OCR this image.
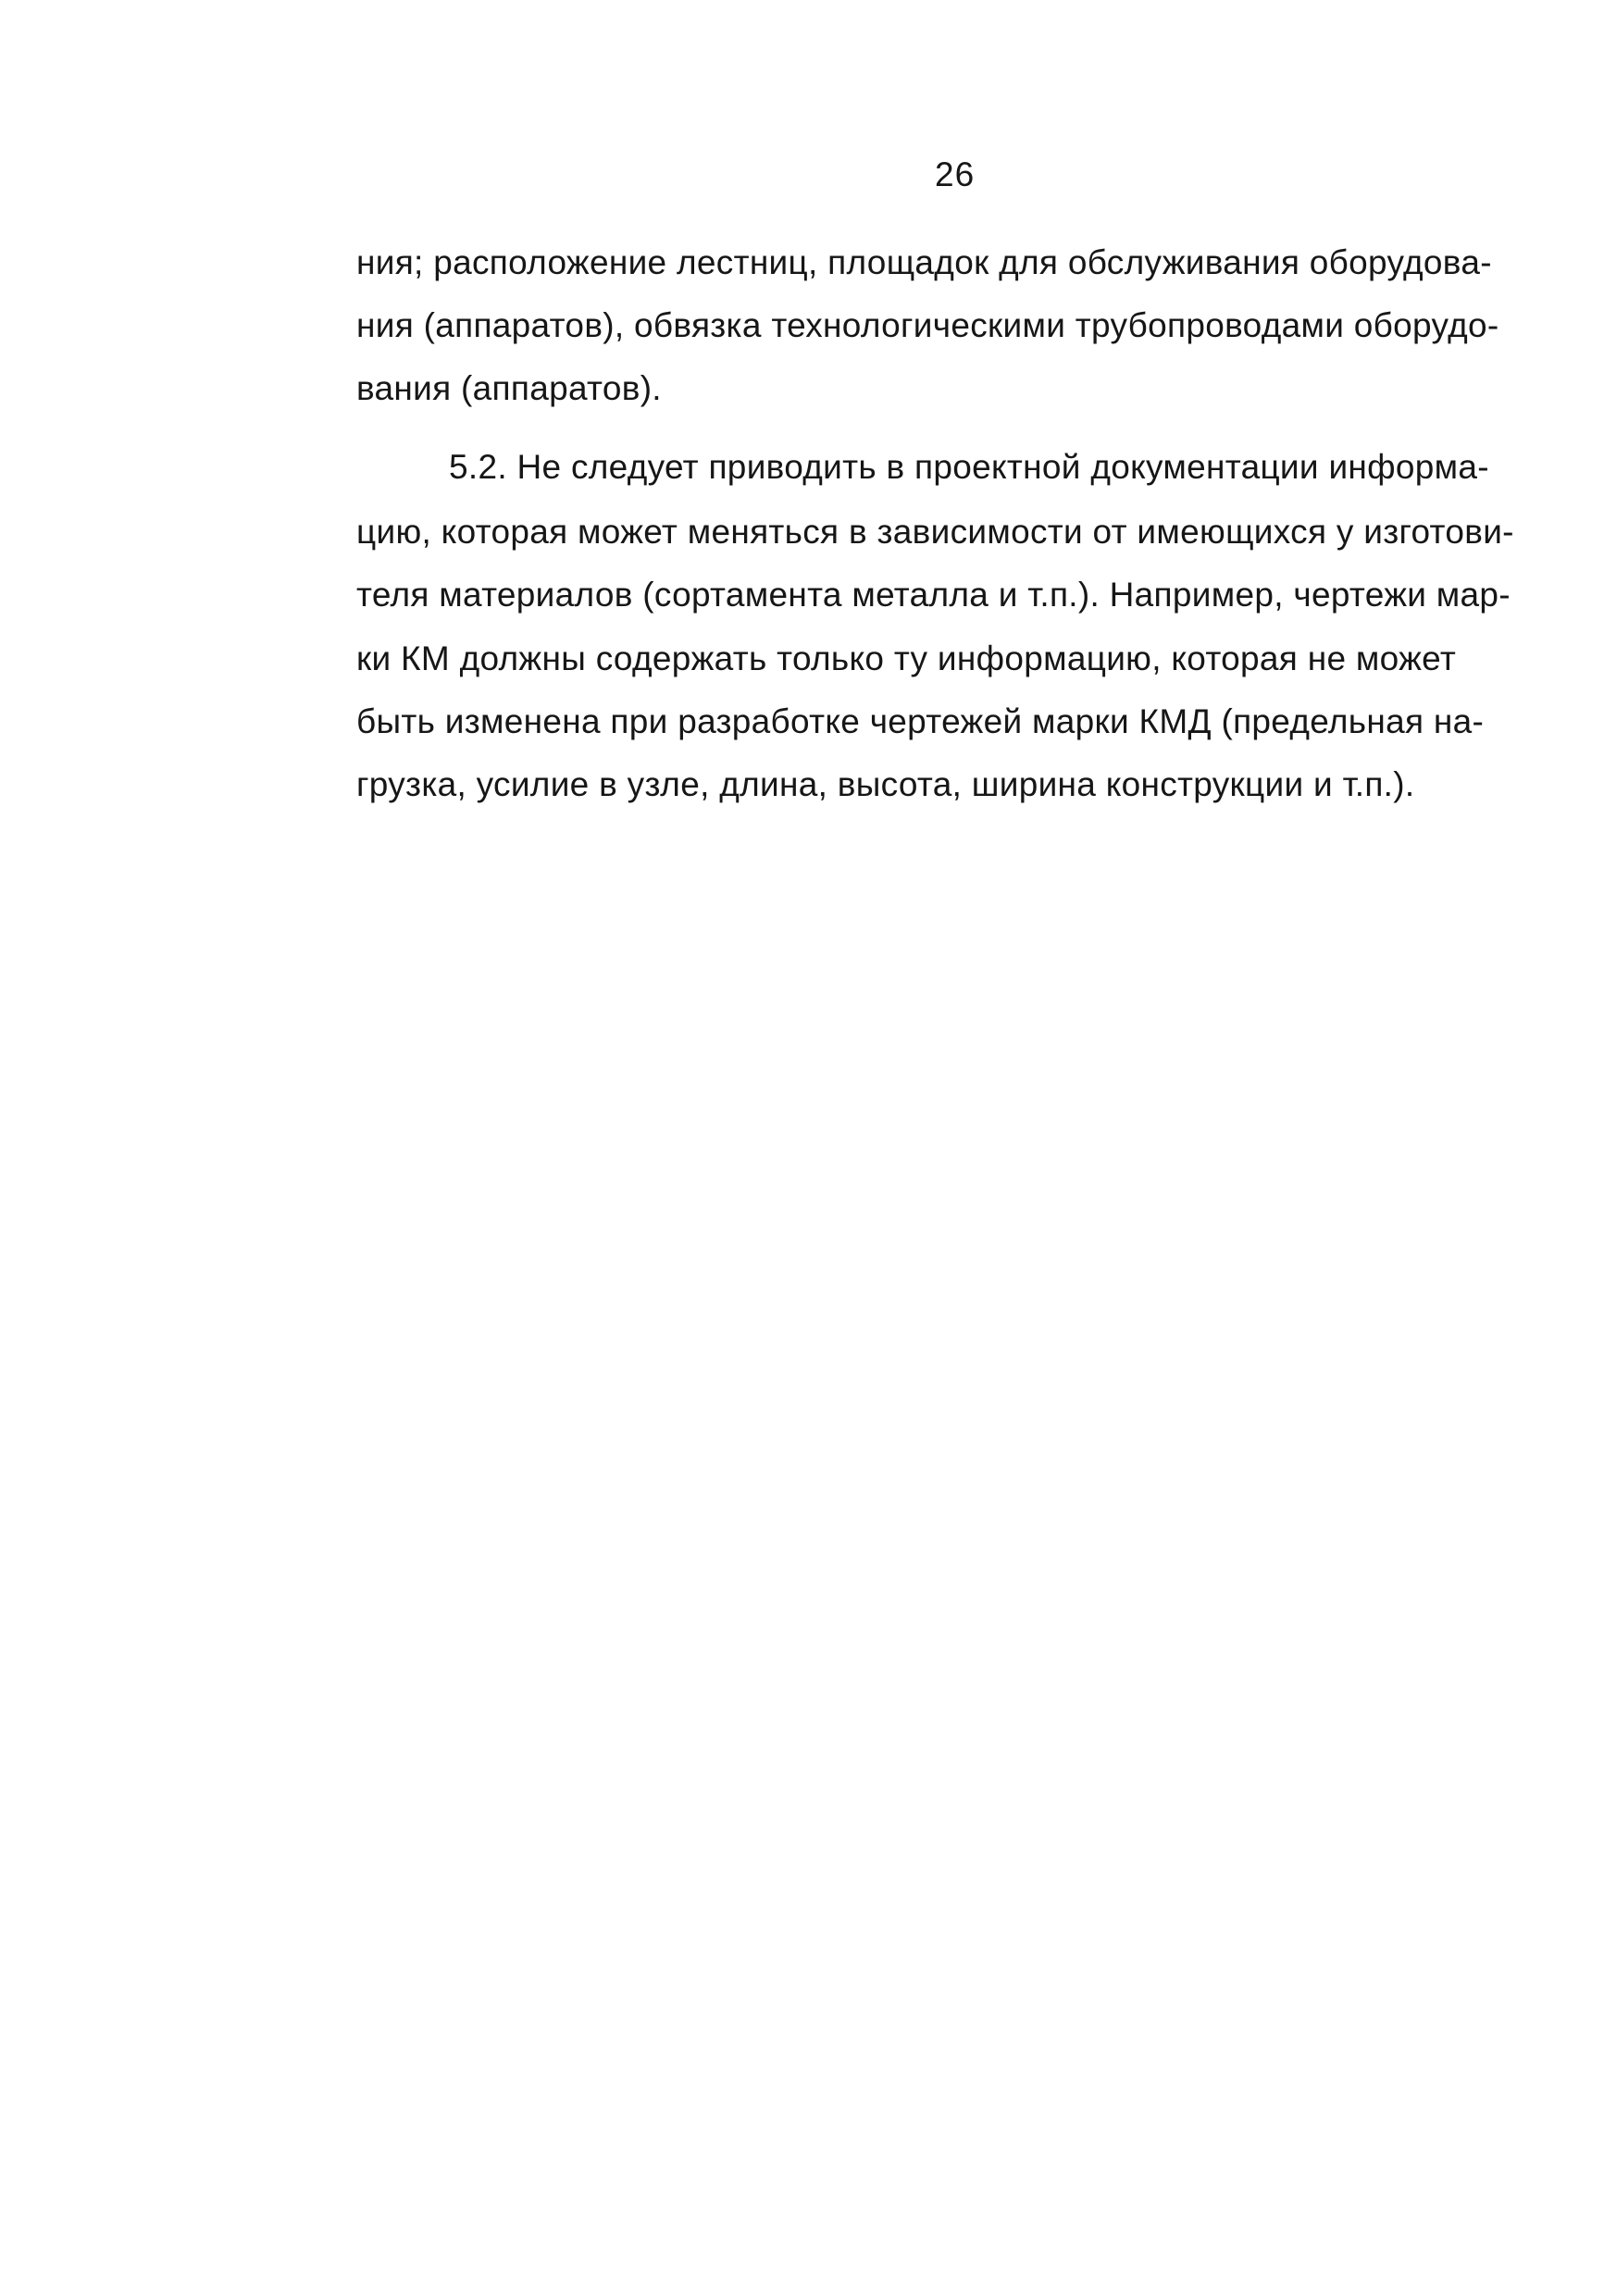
26
ния; расположение лестниц, площадок для обслуживания оборудова-
ния (аппаратов), обвязка технологическими трубопроводами оборудо-
вания (аппаратов).
5.2. Не следует приводить в проектной документации информа-
цию, которая может меняться в зависимости от имеющихся у изготови-
теля материалов (сортамента металла и т.п.). Например, чертежи мар-
ки КМ должны содержать только ту информацию, которая не может
быть изменена при разработке чертежей марки КМД (предельная на-
грузка, усилие в узле, длина, высота, ширина конструкции и т.п.).
